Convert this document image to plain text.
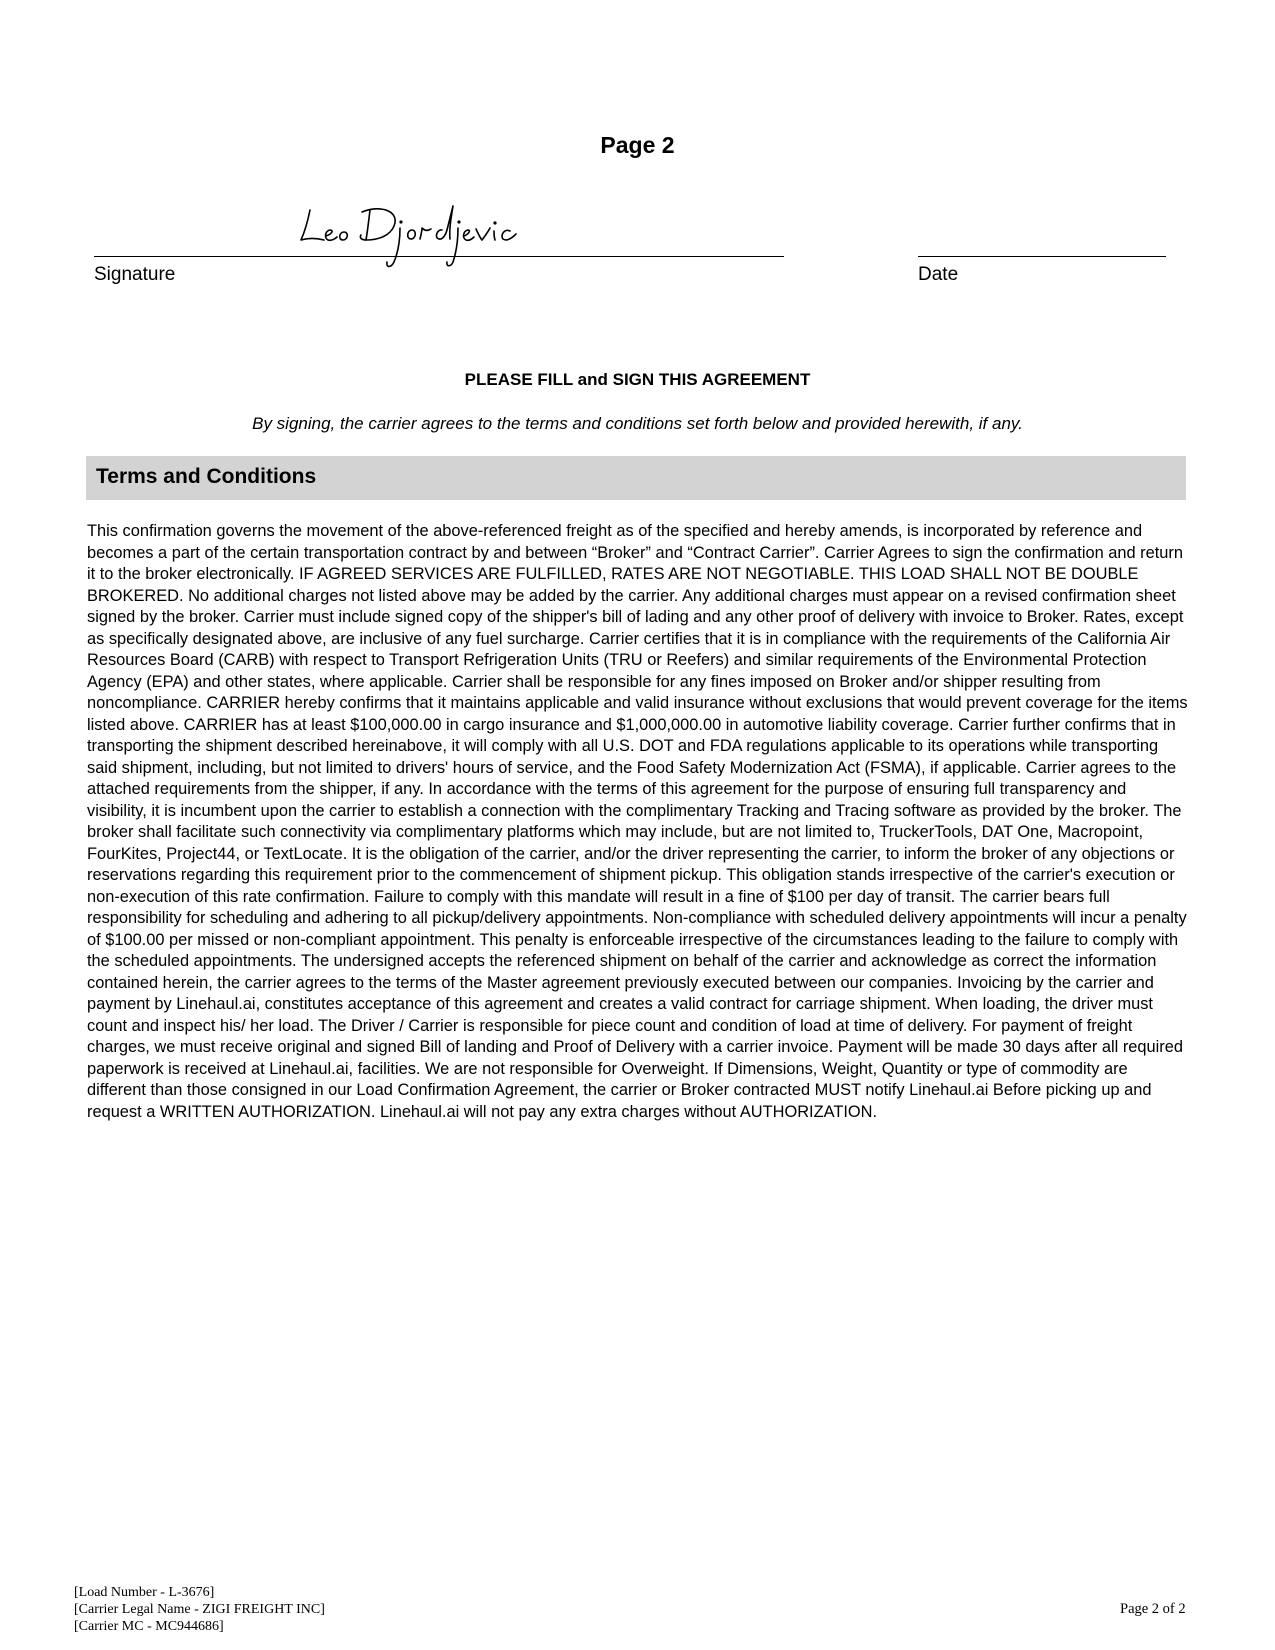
Page 2
Signature	Date
PLEASE FILL and SIGN THIS AGREEMENT
By signing, the carrier agrees to the terms and conditions set forth below and provided herewith, if any.
Terms and Conditions
This confirmation governs the movement of the above-referenced freight as of the specified and hereby amends, is incorporated by reference and becomes a part of the certain transportation contract by and between “Broker” and “Contract Carrier”. Carrier Agrees to sign the confirmation and return it to the broker electronically. IF AGREED SERVICES ARE FULFILLED, RATES ARE NOT NEGOTIABLE. THIS LOAD SHALL NOT BE DOUBLE BROKERED. No additional charges not listed above may be added by the carrier. Any additional charges must appear on a revised confirmation sheet signed by the broker. Carrier must include signed copy of the shipper's bill of lading and any other proof of delivery with invoice to Broker. Rates, except as specifically designated above, are inclusive of any fuel surcharge. Carrier certifies that it is in compliance with the requirements of the California Air Resources Board (CARB) with respect to Transport Refrigeration Units (TRU or Reefers) and similar requirements of the Environmental Protection Agency (EPA) and other states, where applicable. Carrier shall be responsible for any fines imposed on Broker and/or shipper resulting from noncompliance. CARRIER hereby confirms that it maintains applicable and valid insurance without exclusions that would prevent coverage for the items listed above. CARRIER has at least $100,000.00 in cargo insurance and $1,000,000.00 in automotive liability coverage. Carrier further confirms that in transporting the shipment described hereinabove, it will comply with all U.S. DOT and FDA regulations applicable to its operations while transporting said shipment, including, but not limited to drivers' hours of service, and the Food Safety Modernization Act (FSMA), if applicable. Carrier agrees to the attached requirements from the shipper, if any. In accordance with the terms of this agreement for the purpose of ensuring full transparency and visibility, it is incumbent upon the carrier to establish a connection with the complimentary Tracking and Tracing software as provided by the broker. The broker shall facilitate such connectivity via complimentary platforms which may include, but are not limited to, TruckerTools, DAT One, Macropoint, FourKites, Project44, or TextLocate. It is the obligation of the carrier, and/or the driver representing the carrier, to inform the broker of any objections or reservations regarding this requirement prior to the commencement of shipment pickup. This obligation stands irrespective of the carrier's execution or non-execution of this rate confirmation. Failure to comply with this mandate will result in a fine of $100 per day of transit. The carrier bears full responsibility for scheduling and adhering to all pickup/delivery appointments. Non-compliance with scheduled delivery appointments will incur a penalty of $100.00 per missed or non-compliant appointment. This penalty is enforceable irrespective of the circumstances leading to the failure to comply with the scheduled appointments. The undersigned accepts the referenced shipment on behalf of the carrier and acknowledge as correct the information contained herein, the carrier agrees to the terms of the Master agreement previously executed between our companies. Invoicing by the carrier and payment by Linehaul.ai, constitutes acceptance of this agreement and creates a valid contract for carriage shipment. When loading, the driver must count and inspect his/ her load. The Driver / Carrier is responsible for piece count and condition of load at time of delivery. For payment of freight charges, we must receive original and signed Bill of landing and Proof of Delivery with a carrier invoice. Payment will be made 30 days after all required paperwork is received at Linehaul.ai, facilities. We are not responsible for Overweight. If Dimensions, Weight, Quantity or type of commodity are different than those consigned in our Load Confirmation Agreement, the carrier or Broker contracted MUST notify Linehaul.ai Before picking up and request a WRITTEN AUTHORIZATION. Linehaul.ai will not pay any extra charges without AUTHORIZATION.
[Load Number - L-3676]
[Carrier Legal Name - ZIGI FREIGHT INC]
[Carrier MC - MC944686]
Page 2 of 2
